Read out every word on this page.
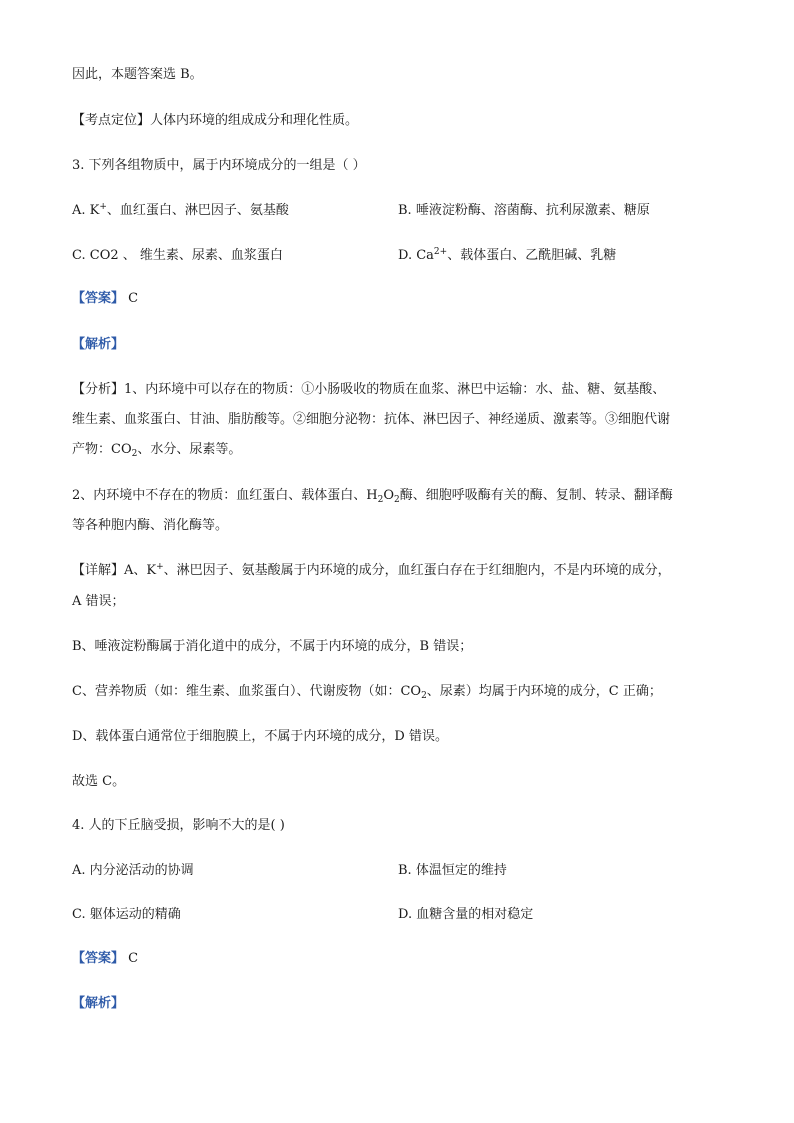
因此，本题答案选 B。
【考点定位】人体内环境的组成成分和理化性质。
3. 下列各组物质中，属于内环境成分的一组是（ ）
A. K+、血红蛋白、淋巴因子、氨基酸	B. 唾液淀粉酶、溶菌酶、抗利尿激素、糖原
C. CO2 、 维生素、尿素、血浆蛋白	D. $Ca^{2+}$、载体蛋白、乙酰胆碱、乳糖
【答案】 C
【解析】
【分析】1、内环境中可以存在的物质：①小肠吸收的物质在血浆、淋巴中运输：水、盐、糖、氨基酸、
维生素、血浆蛋白、甘油、脂肪酸等。②细胞分泌物：抗体、淋巴因子、神经递质、激素等。③细胞代谢
产物：$CO_2$、水分、尿素等。
2、内环境中不存在的物质：血红蛋白、载体蛋白、$H_2O_2$酶、细胞呼吸酶有关的酶、复制、转录、翻译酶
等各种胞内酶、消化酶等。
【详解】A、K+、淋巴因子、氨基酸属于内环境的成分，血红蛋白存在于红细胞内，不是内环境的成分，
A 错误；
B、唾液淀粉酶属于消化道中的成分，不属于内环境的成分，B 错误；
C、营养物质（如：维生素、血浆蛋白）、代谢废物（如：$CO_2$、尿素）均属于内环境的成分，C 正确；
D、载体蛋白通常位于细胞膜上，不属于内环境的成分，D 错误。
故选 C。
4. 人的下丘脑受损，影响不大的是( )
A. 内分泌活动的协调	B. 体温恒定的维持
C. 躯体运动的精确	D. 血糖含量的相对稳定
【答案】 C
【解析】
